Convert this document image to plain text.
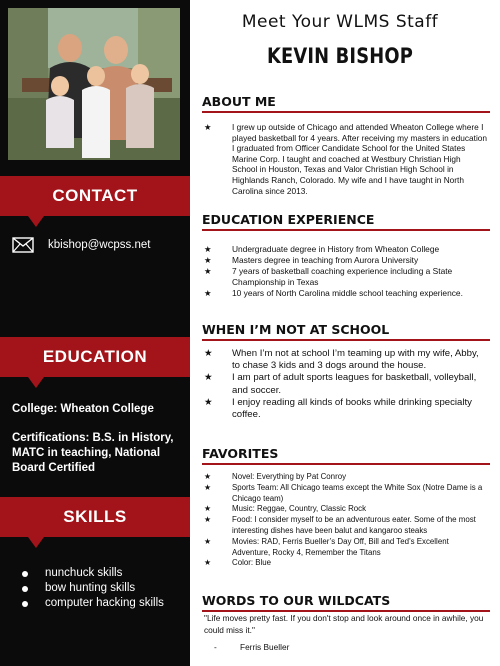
CONTACT
kbishop@wcpss.net
EDUCATION
College: Wheaton College
Certifications: B.S. in History, MATC in teaching, National Board Certified
SKILLS
nunchuck skills
bow hunting skills
computer hacking skills
Meet Your WLMS Staff
KEVIN BISHOP
ABOUT ME
★ I grew up outside of Chicago and attended Wheaton College where I played basketball for 4 years. After receiving my masters in education I graduated from Officer Candidate School for the United States Marine Corp. I taught and coached at Westbury Christian High School in Houston, Texas and Valor Christian High School in Highlands Ranch, Colorado. My wife and I have taught in North Carolina since 2013.
EDUCATION EXPERIENCE
★ Undergraduate degree in History from Wheaton College
★ Masters degree in teaching from Aurora University
★ 7 years of basketball coaching experience including a State Championship in Texas
★ 10 years of North Carolina middle school teaching experience.
WHEN I’M NOT AT SCHOOL
★ When I’m not at school I’m teaming up with my wife, Abby, to chase 3 kids and 3 dogs around the house.
★ I am part of adult sports leagues for basketball, volleyball, and soccer.
★ I enjoy reading all kinds of books while drinking specialty coffee.
FAVORITES
★ Novel: Everything by Pat Conroy
★ Sports Team: All Chicago teams except the White Sox (Notre Dame is a Chicago team)
★ Music: Reggae, Country, Classic Rock
★ Food: I consider myself to be an adventurous eater. Some of the most interesting dishes have been balut and kangaroo steaks
★ Movies: RAD, Ferris Bueller’s Day Off, Bill and Ted’s Excellent Adventure, Rocky 4, Remember the Titans
★ Color: Blue
WORDS TO OUR WILDCATS
"Life moves pretty fast. If you don't stop and look around once in awhile, you could miss it."
-	Ferris Bueller
